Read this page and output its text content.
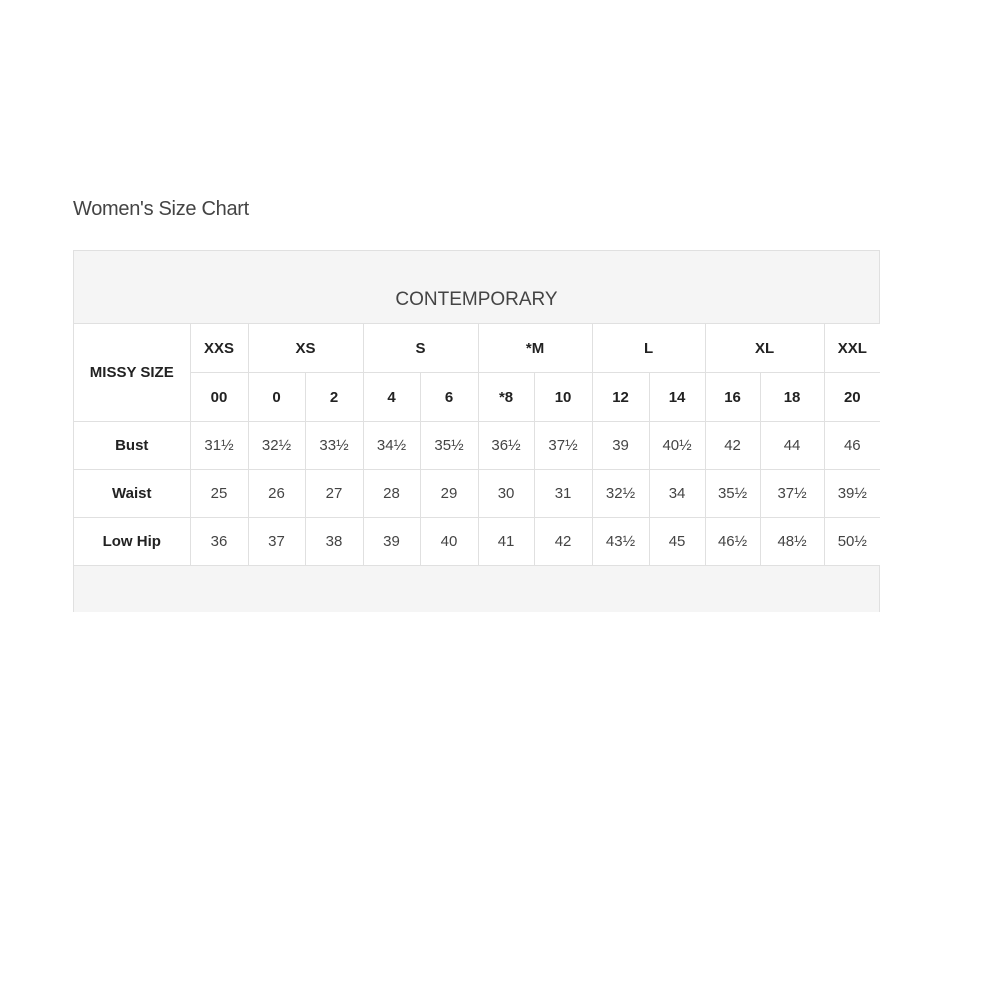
Women's Size Chart
CONTEMPORARY
MISSY SIZE	XXS	XS		S		*M		L		XL		XXL
	00	0	2	4	6	*8	10	12	14	16	18	20
Bust	31½	32½	33½	34½	35½	36½	37½	39	40½	42	44	46
Waist	25	26	27	28	29	30	31	32½	34	35½	37½	39½
Low Hip	36	37	38	39	40	41	42	43½	45	46½	48½	50½
